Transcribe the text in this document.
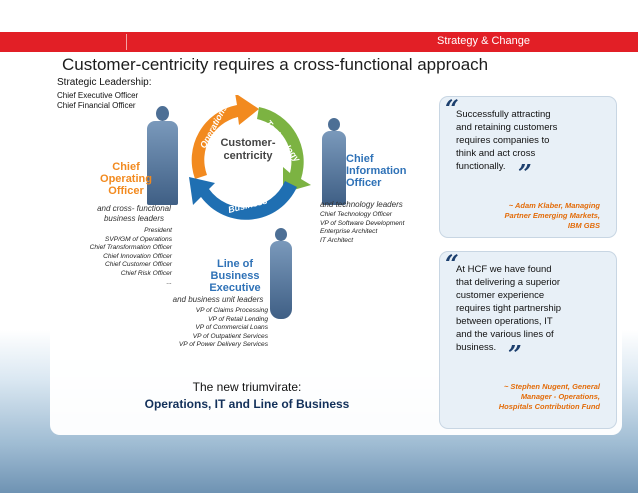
Strategy & Change
Customer-centricity requires a cross-functional approach
Strategic Leadership:
Chief Executive Officer
Chief Financial Officer	Operations	Technology
Business
Customer-
centricity
Chief
Operating
Officer
and cross- functional
business leaders
President
SVP/GM of Operations
Chief Transformation Officer
Chief Innovation Officer
Chief Customer Officer
Chief Risk Officer
...
Chief
Information
Officer
and technology leaders
Chief Technology Officer
VP of Software Development
Enterprise Architect
IT Architect
Line of
Business
Executive
and business unit leaders
VP of Claims Processing
VP of Retail Lending
VP of Commercial Loans
VP of Outpatient Services
VP of Power Delivery Services
The new triumvirate:
Operations, IT and Line of Business
“
Successfully attracting
and retaining customers
requires companies to
think and act cross
functionally. ”
~ Adam Klaber, Managing
Partner Emerging Markets,
IBM GBS
“
At HCF we have found
that delivering a superior
customer experience
requires tight partnership
between operations, IT
and the various lines of
business. ”
~ Stephen Nugent, General
Manager - Operations,
Hospitals Contribution Fund
